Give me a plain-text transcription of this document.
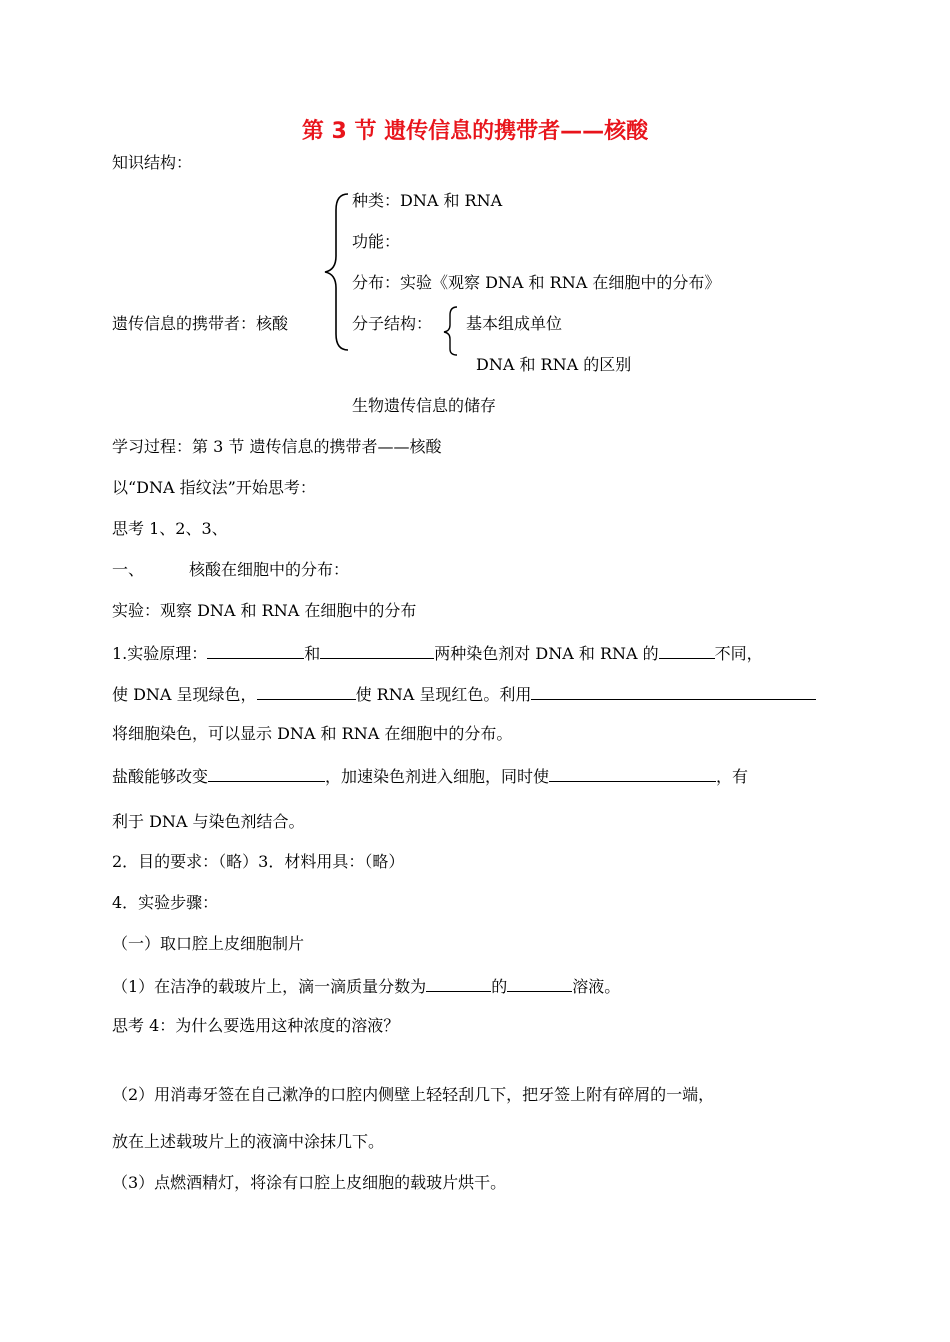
第 3 节 遗传信息的携带者——核酸
知识结构：
种类：DNA 和 RNA
功能：
分布：实验《观察 DNA 和 RNA 在细胞中的分布》
遗传信息的携带者：核酸	分子结构： 基本组成单位
DNA 和 RNA 的区别
生物遗传信息的储存
学习过程：第 3 节 遗传信息的携带者——核酸
以“DNA 指纹法”开始思考：
思考 1、2、3、
一、	核酸在细胞中的分布：
实验：观察 DNA 和 RNA 在细胞中的分布
1.实验原理：	和	两种染色剂对 DNA 和 RNA 的	不同，
使 DNA 呈现绿色，	使 RNA 呈现红色。利用
将细胞染色，可以显示 DNA 和 RNA 在细胞中的分布。
盐酸能够改变	，加速染色剂进入细胞，同时使	，有
利于 DNA 与染色剂结合。
2．目的要求：（略）3．材料用具：（略）
4．实验步骤：
（一）取口腔上皮细胞制片
（1）在洁净的载玻片上，滴一滴质量分数为	的	溶液。
思考 4：为什么要选用这种浓度的溶液？
（2）用消毒牙签在自己漱净的口腔内侧壁上轻轻刮几下，把牙签上附有碎屑的一端，
放在上述载玻片上的液滴中涂抹几下。
（3）点燃酒精灯，将涂有口腔上皮细胞的载玻片烘干。
